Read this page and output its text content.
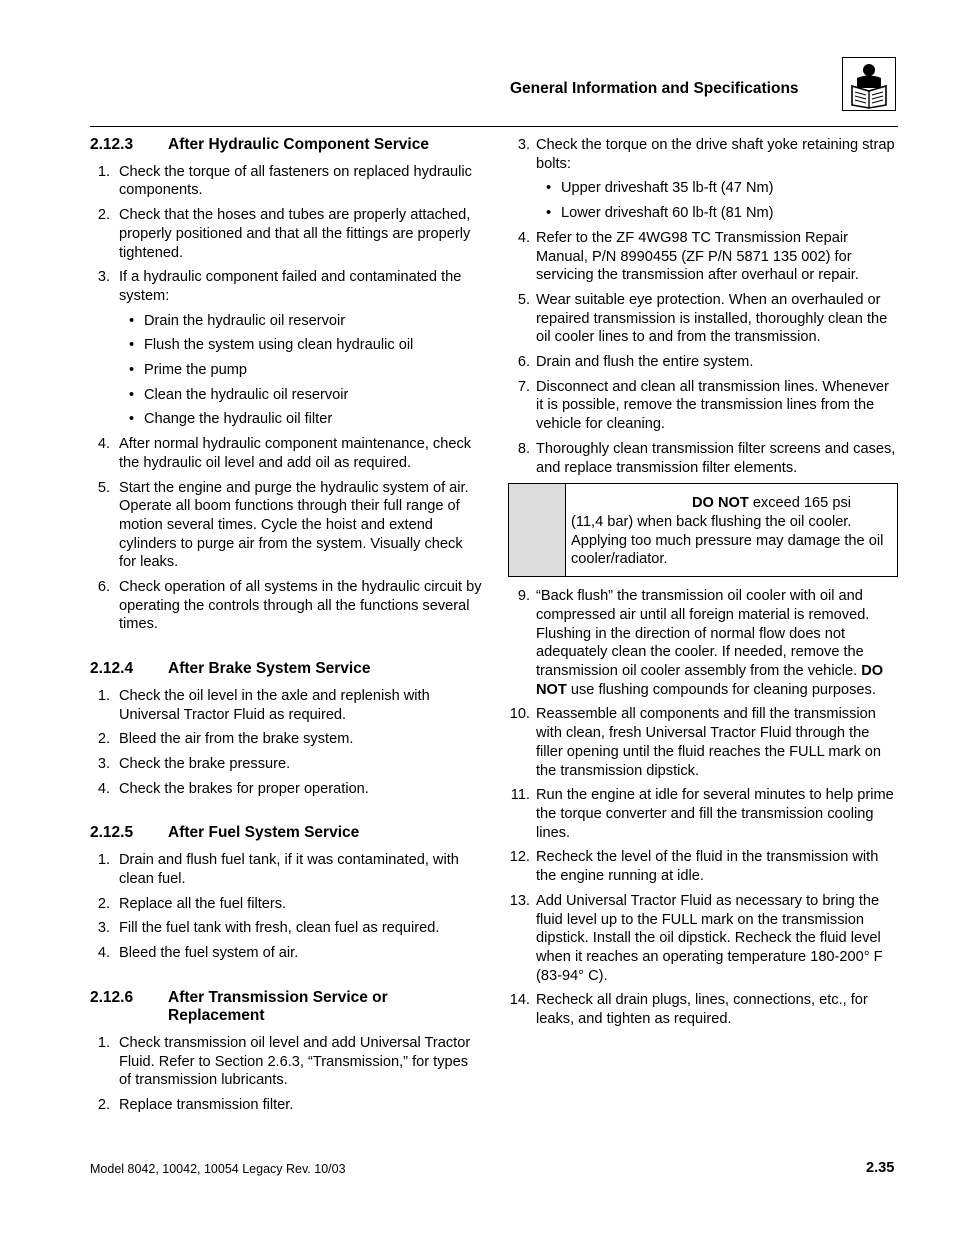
General Information and Specifications
2.12.3	After Hydraulic Component Service
1. Check the torque of all fasteners on replaced hydraulic components.
2. Check that the hoses and tubes are properly attached, properly positioned and that all the fittings are properly tightened.
3. If a hydraulic component failed and contaminated the system:
• Drain the hydraulic oil reservoir
• Flush the system using clean hydraulic oil
• Prime the pump
• Clean the hydraulic oil reservoir
• Change the hydraulic oil filter
4. After normal hydraulic component maintenance, check the hydraulic oil level and add oil as required.
5. Start the engine and purge the hydraulic system of air. Operate all boom functions through their full range of motion several times. Cycle the hoist and extend cylinders to purge air from the system. Visually check for leaks.
6. Check operation of all systems in the hydraulic circuit by operating the controls through all the functions several times.
2.12.4	After Brake System Service
1. Check the oil level in the axle and replenish with Universal Tractor Fluid as required.
2. Bleed the air from the brake system.
3. Check the brake pressure.
4. Check the brakes for proper operation.
2.12.5	After Fuel System Service
1. Drain and flush fuel tank, if it was contaminated, with clean fuel.
2. Replace all the fuel filters.
3. Fill the fuel tank with fresh, clean fuel as required.
4. Bleed the fuel system of air.
2.12.6	After Transmission Service or Replacement
1. Check transmission oil level and add Universal Tractor Fluid. Refer to Section 2.6.3, “Transmission,” for types of transmission lubricants.
2. Replace transmission filter.
3. Check the torque on the drive shaft yoke retaining strap bolts:
• Upper driveshaft 35 lb-ft (47 Nm)
• Lower driveshaft 60 lb-ft (81 Nm)
4. Refer to the ZF 4WG98 TC Transmission Repair Manual, P/N 8990455 (ZF P/N 5871 135 002) for servicing the transmission after overhaul or repair.
5. Wear suitable eye protection. When an overhauled or repaired transmission is installed, thoroughly clean the oil cooler lines to and from the transmission.
6. Drain and flush the entire system.
7. Disconnect and clean all transmission lines. Whenever it is possible, remove the transmission lines from the vehicle for cleaning.
8. Thoroughly clean transmission filter screens and cases, and replace transmission filter elements.
DO NOT exceed 165 psi (11,4 bar) when back flushing the oil cooler. Applying too much pressure may damage the oil cooler/radiator.
9. “Back flush” the transmission oil cooler with oil and compressed air until all foreign material is removed. Flushing in the direction of normal flow does not adequately clean the cooler. If needed, remove the transmission oil cooler assembly from the vehicle. DO NOT use flushing compounds for cleaning purposes.
10. Reassemble all components and fill the transmission with clean, fresh Universal Tractor Fluid through the filler opening until the fluid reaches the FULL mark on the transmission dipstick.
11. Run the engine at idle for several minutes to help prime the torque converter and fill the transmission cooling lines.
12. Recheck the level of the fluid in the transmission with the engine running at idle.
13. Add Universal Tractor Fluid as necessary to bring the fluid level up to the FULL mark on the transmission dipstick. Install the oil dipstick. Recheck the fluid level when it reaches an operating temperature 180-200° F (83-94° C).
14. Recheck all drain plugs, lines, connections, etc., for leaks, and tighten as required.
Model 8042, 10042, 10054 Legacy Rev. 10/03	2.35
